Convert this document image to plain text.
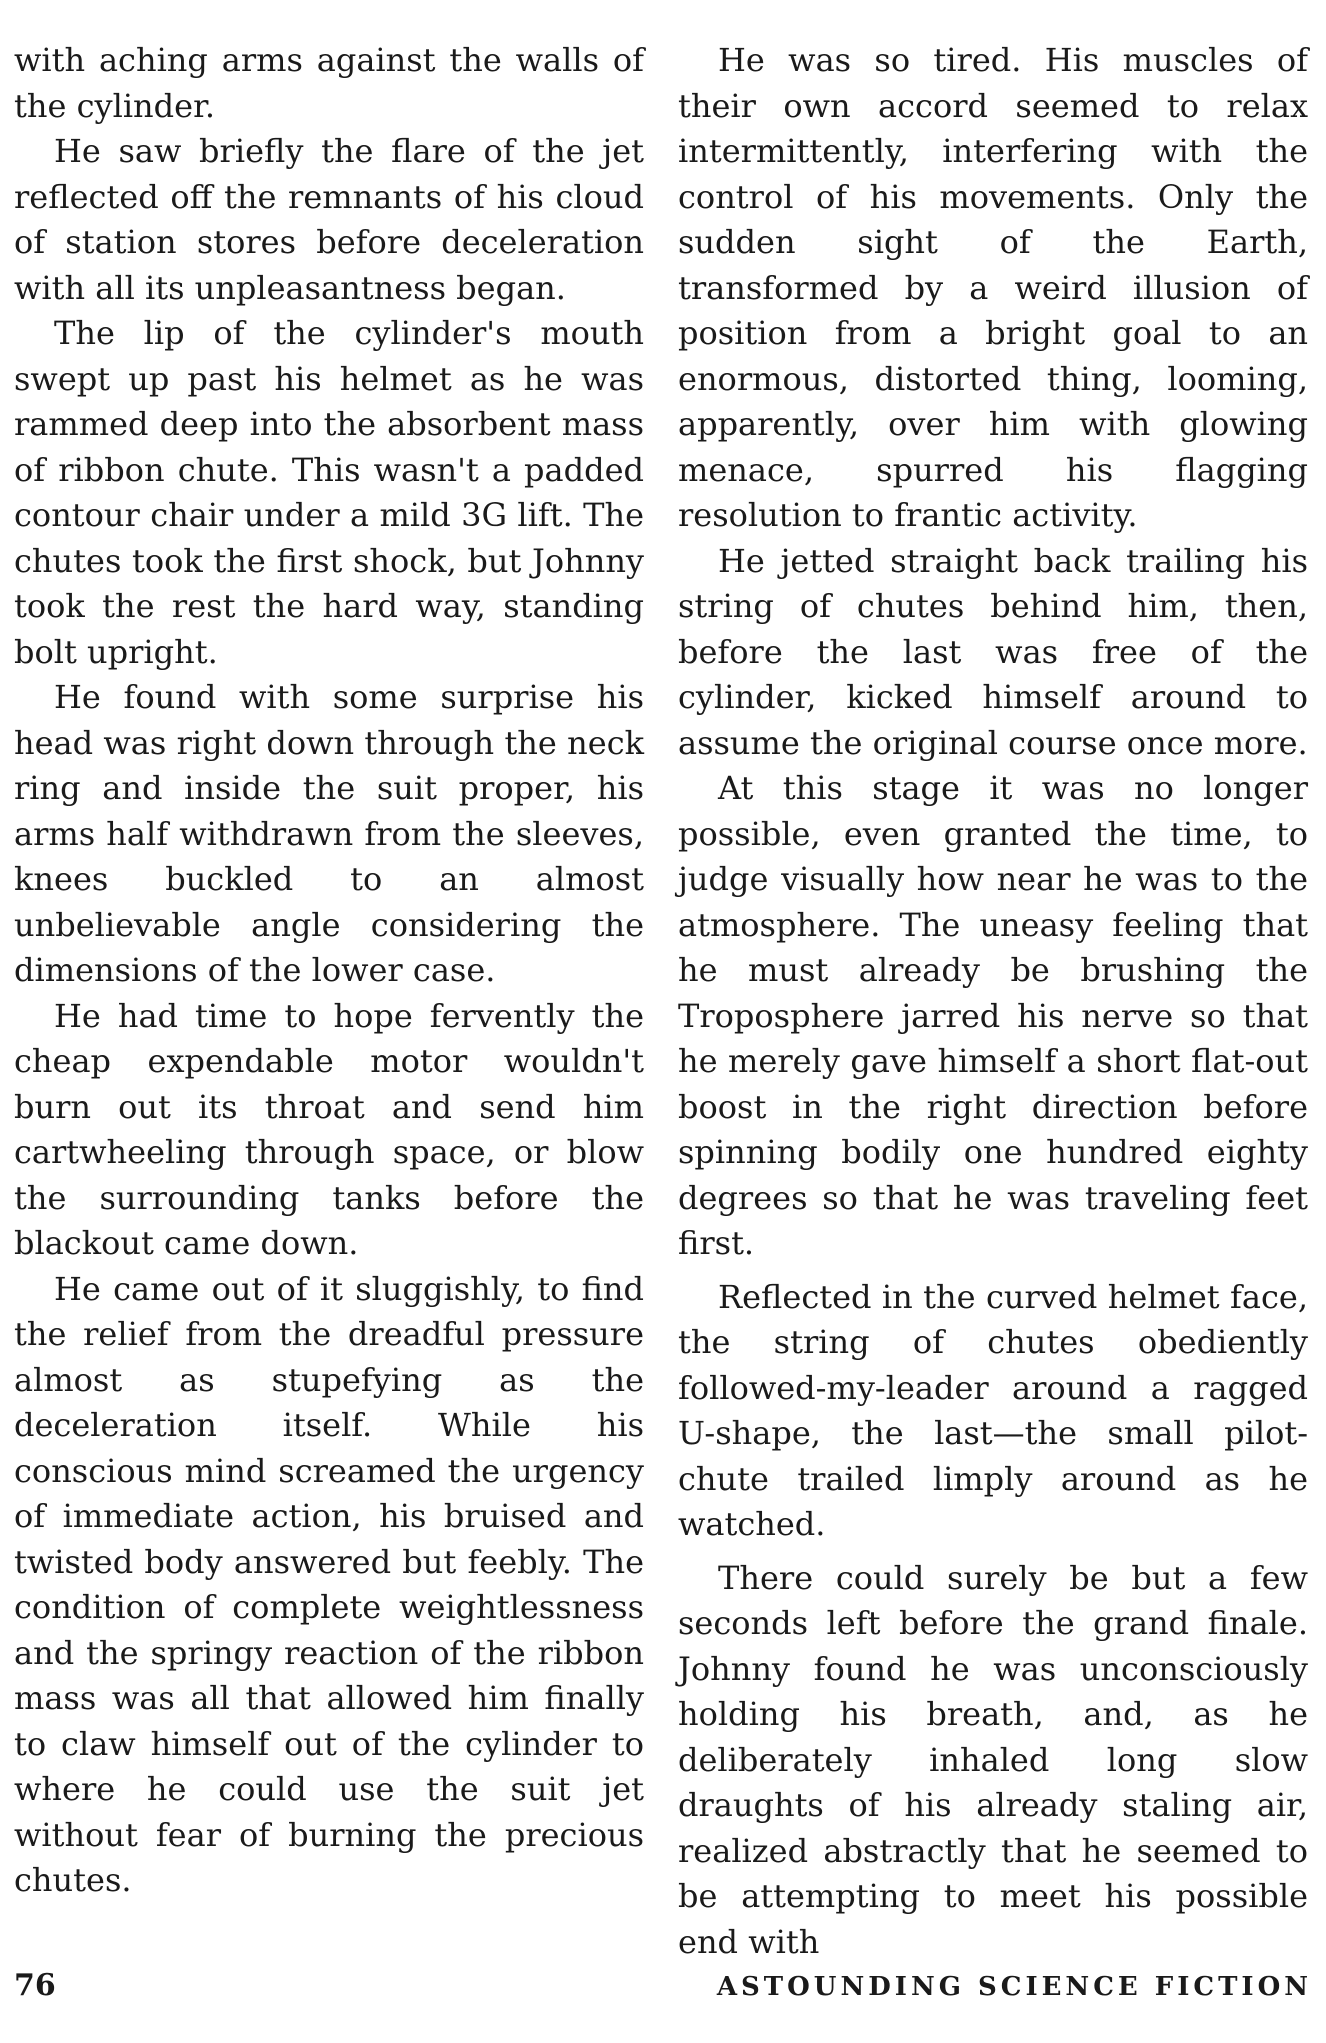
with aching arms against the walls of the cylinder.

He saw briefly the flare of the jet reflected off the remnants of his cloud of station stores before deceleration with all its unpleasantness began.

The lip of the cylinder's mouth swept up past his helmet as he was rammed deep into the absorbent mass of ribbon chute. This wasn't a padded contour chair under a mild 3G lift. The chutes took the first shock, but Johnny took the rest the hard way, standing bolt upright.

He found with some surprise his head was right down through the neck ring and inside the suit proper, his arms half withdrawn from the sleeves, knees buckled to an almost unbelievable angle considering the dimensions of the lower case.

He had time to hope fervently the cheap expendable motor wouldn't burn out its throat and send him cartwheeling through space, or blow the surrounding tanks before the blackout came down.

He came out of it sluggishly, to find the relief from the dreadful pressure almost as stupefying as the deceleration itself. While his conscious mind screamed the urgency of immediate action, his bruised and twisted body answered but feebly. The condition of complete weightlessness and the springy reaction of the ribbon mass was all that allowed him finally to claw himself out of the cylinder to where he could use the suit jet without fear of burning the precious chutes.

He was so tired. His muscles of their own accord seemed to relax intermittently, interfering with the control of his movements. Only the sudden sight of the Earth, transformed by a weird illusion of position from a bright goal to an enormous, distorted thing, looming, apparently, over him with glowing menace, spurred his flagging resolution to frantic activity.

He jetted straight back trailing his string of chutes behind him, then, before the last was free of the cylinder, kicked himself around to assume the original course once more.

At this stage it was no longer possible, even granted the time, to judge visually how near he was to the atmosphere. The uneasy feeling that he must already be brushing the Troposphere jarred his nerve so that he merely gave himself a short flat-out boost in the right direction before spinning bodily one hundred eighty degrees so that he was traveling feet first.

Reflected in the curved helmet face, the string of chutes obediently followed-my-leader around a ragged U-shape, the last—the small pilot-chute trailed limply around as he watched.

There could surely be but a few seconds left before the grand finale. Johnny found he was unconsciously holding his breath, and, as he deliberately inhaled long slow draughts of his already staling air, realized abstractly that he seemed to be attempting to meet his possible end with

76	ASTOUNDING SCIENCE FICTION
